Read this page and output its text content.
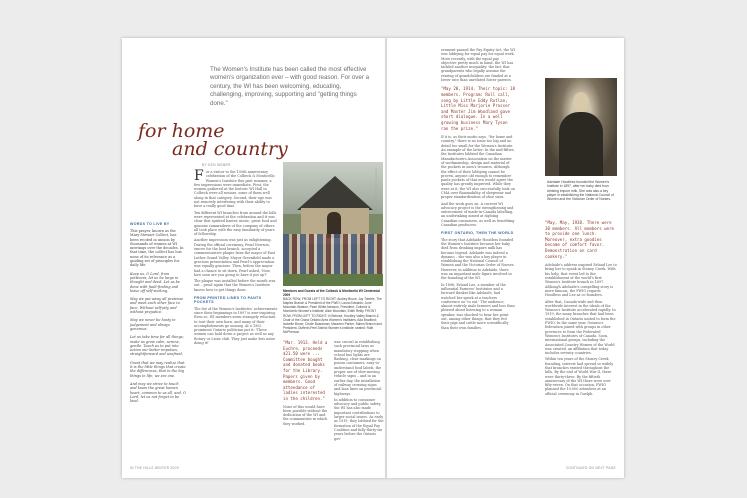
The Women's Institute has been called the most effective women's organization ever – with good reason. For over a century, the WI has been welcoming, educating, challenging, improving, supporting and "getting things done."
for home
and country
BY KEN WEBER
WORDS TO LIVE BY

This prayer, known as the Mary Stewart Collect, has been recited in unison by thousands of women at WI meetings over the decades. In that time, the collect has lost none of its relevance as a guiding set of principles for daily life.

Keep us, O Lord, from pettiness; let us be large in thought and deed. Let us be done with fault-finding and leave off self-seeking.

May we put away all pretense and meet each other face to face, Without self-pity and without prejudice.

May we never be hasty in judgement and always generous.

Let us take time for all things; make us grow calm, serene, gentle. Teach us to put into action our better impulses, straightforward and unafraid.

Grant that we may realize that it is the little things that create the differences, that in the big things in life, we are one.

And may we strive to touch and know the great human heart, common to us all, and, O Lord, let us not forget to be kind.

For a visitor to the 100th anniversary celebration of the Colbeck & Monticello Women's Institute this past summer, a few impressions were immediate. First, the women gathered at the historic WI Hall in Colbeck were all seniors, some of them well along in that category. Second, their age was not remotely interfering with their ability to have a really good time.

Ten different WI branches from around the hills were represented at the celebration and it was clear that spirited banter, music, great food and genuine camaraderie of the company of others all took place with the easy familiarity of years of fellowship.

Another impression was just as enlightening. During the official ceremony, Pearl Newson, emcee for the host branch, accepted a commemorative plaque from the mayor of East Luther Grand Valley. Mayor Greenfield made a gracious presentation and Pearl's appreciation was equally gracious. Then, before the mayor had a chance to sit down, Pearl asked, 'Now, how soon are you going to have it put up?'

The plaque was installed before the month was out – proof again that the Women's Institute knows how to get things done.

FROM PRINTED LINES TO PANTS POCKETS

The list of the Women's Institutes' achievements since their beginnings in 1897 is awe-inspiring. Even so, WI members seem strangely reluctant to tout their own horn, and many of their accomplishments go unsung. At a 1902 prominent Ontario politician put it: 'These women can hold down a project as well as any Rotary or Lions club. They just make less noise doing it!'

PHOTO BY PAMELA ROSS
Members and Guests of the Colbeck & Monticello WI Centennial 2009
BACK ROW, FROM LEFT TO RIGHT: Audrey Bruce; Joy Trimble, The Maples Branch & President of the FWIO; Laura Edwards; June Mountain-Watson; Pearl White-Newson, President, Colbeck & Monticello Women's Institute; Alice Mountain; Edith Reilly. FRONT ROW, FROM LEFT TO RIGHT: Vi Belrose, Hockley Valley Branch & Chair of the Grand Ontario Area Women's Institutes; Ada Bradford; Isobelle Bruce; Cecile Boardman; Maureen Parker, Salem Branch and President, Dufferin-Peel District Women's Institute; seated: Ruth McPherson.
"Mar. 1913. Held a Euchre, proceeds $21.50 were ... Committee bought and donated books for the Library. Papers given by members. Good attendance of ladies interested in the children."

None of this would have been possible without the dedication of the WI and the communities in which they worked.

was crucial in establishing such provincial laws as mandatory stopping when school bus lights are flashing, clear markings on poison containers, easy-to-understand food labels, the proper use of slow-moving vehicle signs – and in an earlier day, the installation of railway crossing signs and lane lines on provincial highways.

In addition to consumer advocacy and public safety, the WI has also made important contributions to larger social issues. As early as 1919, they lobbied for the formation of the Equal Pay Coalition and fully thirty-six years before the Ontario gov-

IN THE HILLS WINTER 2009

ernment passed the Pay Equity Act, the WI was lobbying for equal pay for equal work. More recently, with the equal pay objective pretty much in hand, the WI has tackled another inequality: the fact that grandparents who legally assume the rearing of grandchildren are funded at a lower rate than unrelated foster parents.

"May 20, 1914. Their topic: 18 members. Program: Roll call, song by Little Eddy Rutlan, Little Miss Marjorie Prosser and Master Jim Woodland gave short dialogue. In a well growing business Mary Tyson ran the prize."

If it is, as their motto says, "for home and country," there is no issue too big and no detail too small for the Women's Institute. An example of the latter: In the mid-fifties, the Institutes lobbied the Canadian Manufacturers Association on the matter of workmanship, design and material of the pockets in men's trousers. Although the effect of their lobbying cannot be proven, anyone old enough to remember pants pockets of that era would agree the quality has greatly improved. While they were at it, the WI also successfully took on CMA over flammability of sleepwear and proper standardization of shoe sizes.

And the work goes on. A current WI advocacy project is the strengthening and enforcement of made-in-Canada labelling, an undertaking aimed at righting Canadian consumers, as well as benefiting Canadian producers.

FIRST ONTARIO, THEN THE WORLD

The story that Adelaide Hoodless founded the Women's Institute because her baby died from drinking impure milk has become legend. Adelaide was indeed a dynamo – she was also a key player in establishing the National Council of Women and the Victorian Order of Nurses. However, in addition to Adelaide, there was an important male figure involved in the founding of the WI.

In 1896, Erland Lee, a member of the influential Farmers' Institutes and a forward thinker like Adelaide, had watched her speak at a teachers conference on 'to eat.' The audience, almost entirely male farmers and less than pleased about listening to a woman speaker, was shocked to hear her point out, among other things, that they fed their pigs and cattle more scientifically than their own families.

Adelaide Hoodless founded the Women's Institute in 1897, after her baby died from drinking impure milk. She was also a key player in establishing the National Council of Women and the Victorian Order of Nurses.
"May, May, 1938. There were 30 members. All members were to provide one lunch. Moreover, extra goodies became of comfort favor. Demonstration on card cookery."

Adelaide's address inspired Erland Lee to bring her to speak in Stoney Creek. With his help, that event led to the establishment of the world's first Women's Institute branch in 1897. Although Adelaide's compelling story is more famous, the FWIO regards Hoodless and Lee as co-founders.

After that, Canada-wide and then worldwide interest in the ideals of the Women's Institute accelerated rapidly. In 1919, the many branches that had been established in Ontario united to form the FWIO. In the same year, Ontario's federation joined with groups in other provinces to form the Federated Women's Institutes of Canada. Soon, international groups, including the Associated Country Women of the World was created, an affiliation that today includes seventy countries.

Within ten years of the Stoney Creek founding, interest had spread so widely that branches existed throughout the hills. By the end of World War II, there were thirty-three. By the fiftieth anniversary of the WI there were over fifty-seven. On that occasion, FWIO planned the 10,000 attendees at an official ceremony in Guelph.

CONTINUED ON NEXT PAGE
